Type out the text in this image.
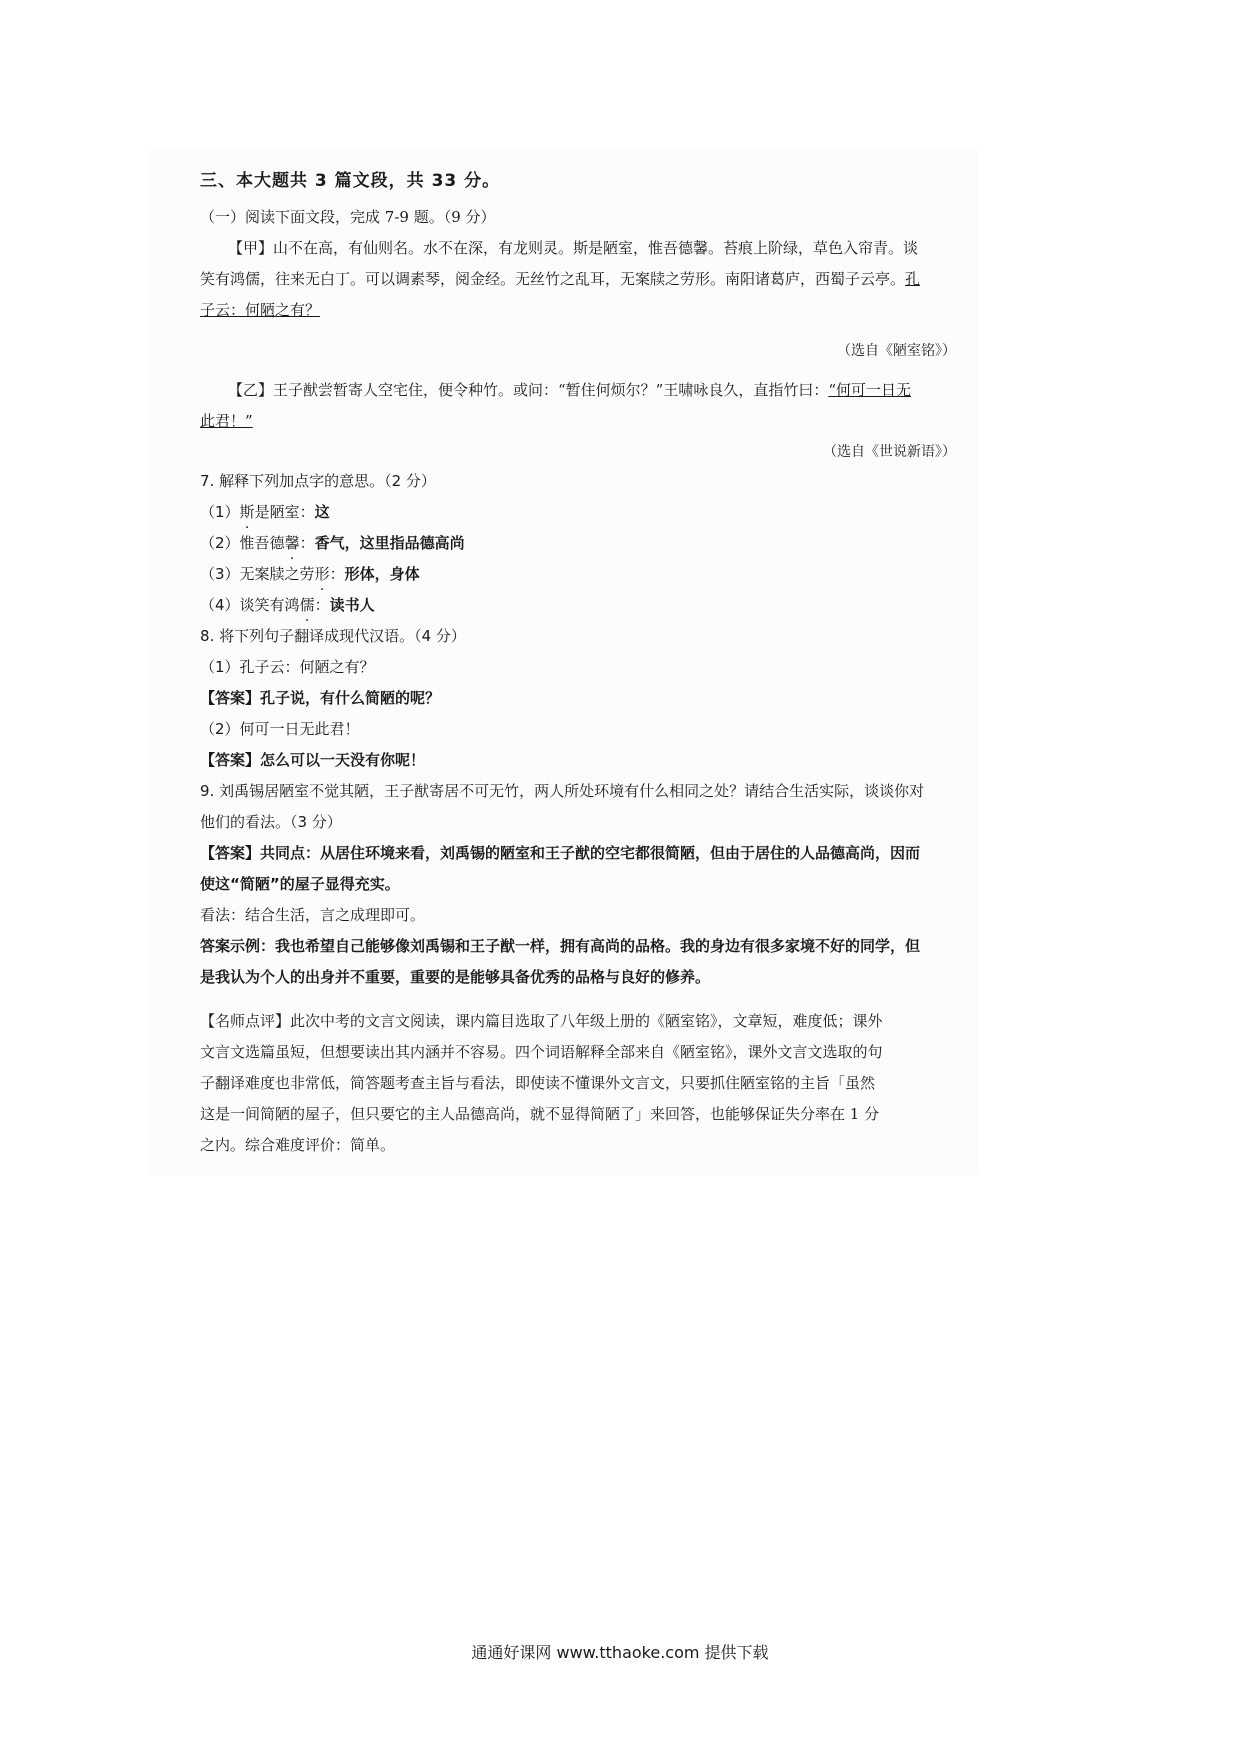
三、本大题共 3 篇文段，共 33 分。
（一）阅读下面文段，完成 7-9 题。（9 分）
【甲】山不在高，有仙则名。水不在深，有龙则灵。斯是陋室，惟吾德馨。苔痕上阶绿，草色入帘青。谈
笑有鸿儒，往来无白丁。可以调素琴，阅金经。无丝竹之乱耳，无案牍之劳形。南阳诸葛庐，西蜀子云亭。孔
子云：何陋之有？
（选自《陋室铭》）
【乙】王子猷尝暂寄人空宅住，便令种竹。或问：“暂住何烦尔？”王啸咏良久，直指竹曰：“何可一日无
此君！”
（选自《世说新语》）
7. 解释下列加点字的意思。（2 分）
（1）斯是陋室：这
（2）惟吾德馨：香气，这里指品德高尚
（3）无案牍之劳形：形体，身体
（4）谈笑有鸿儒：读书人
8. 将下列句子翻译成现代汉语。（4 分）
（1）孔子云：何陋之有？
【答案】孔子说，有什么简陋的呢？
（2）何可一日无此君！
【答案】怎么可以一天没有你呢！
9. 刘禹锡居陋室不觉其陋，王子猷寄居不可无竹，两人所处环境有什么相同之处？请结合生活实际，谈谈你对
他们的看法。（3 分）
【答案】共同点：从居住环境来看，刘禹锡的陋室和王子猷的空宅都很简陋，但由于居住的人品德高尚，因而
使这“简陋”的屋子显得充实。
看法：结合生活，言之成理即可。
答案示例：我也希望自己能够像刘禹锡和王子猷一样，拥有高尚的品格。我的身边有很多家境不好的同学，但
是我认为个人的出身并不重要，重要的是能够具备优秀的品格与良好的修养。
【名师点评】此次中考的文言文阅读，课内篇目选取了八年级上册的《陋室铭》，文章短，难度低；课外
文言文选篇虽短，但想要读出其内涵并不容易。四个词语解释全部来自《陋室铭》，课外文言文选取的句
子翻译难度也非常低，简答题考查主旨与看法，即使读不懂课外文言文，只要抓住陋室铭的主旨「虽然
这是一间简陋的屋子，但只要它的主人品德高尚，就不显得简陋了」来回答，也能够保证失分率在 1 分
之内。综合难度评价：简单。
通通好课网 www.tthaoke.com 提供下载
